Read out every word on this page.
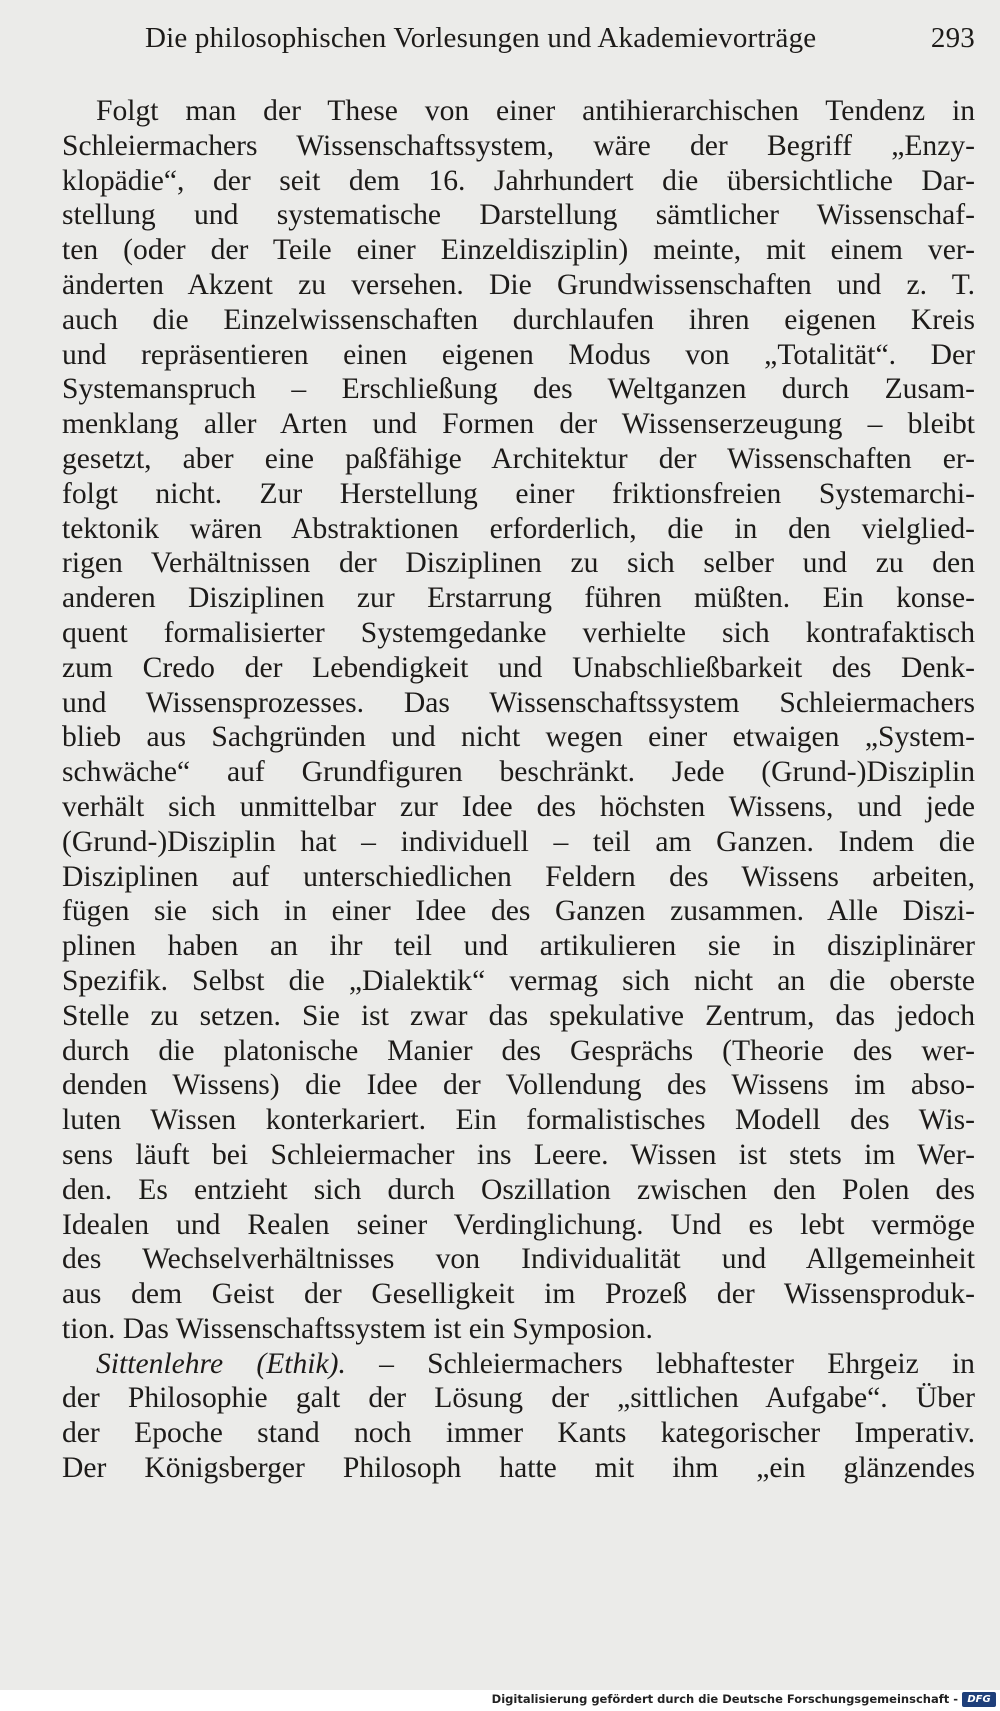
Die philosophischen Vorlesungen und Akademievorträge	293
Folgt man der These von einer antihierarchischen Tendenz in
Schleiermachers Wissenschaftssystem, wäre der Begriff „Enzy-
klopädie“, der seit dem 16. Jahrhundert die übersichtliche Dar-
stellung und systematische Darstellung sämtlicher Wissenschaf-
ten (oder der Teile einer Einzeldisziplin) meinte, mit einem ver-
änderten Akzent zu versehen. Die Grundwissenschaften und z. T.
auch die Einzelwissenschaften durchlaufen ihren eigenen Kreis
und repräsentieren einen eigenen Modus von „Totalität“. Der
Systemanspruch – Erschließung des Weltganzen durch Zusam-
menklang aller Arten und Formen der Wissenserzeugung – bleibt
gesetzt, aber eine paßfähige Architektur der Wissenschaften er-
folgt nicht. Zur Herstellung einer friktionsfreien Systemarchi-
tektonik wären Abstraktionen erforderlich, die in den vielglied-
rigen Verhältnissen der Disziplinen zu sich selber und zu den
anderen Disziplinen zur Erstarrung führen müßten. Ein konse-
quent formalisierter Systemgedanke verhielte sich kontrafaktisch
zum Credo der Lebendigkeit und Unabschließbarkeit des Denk-
und Wissensprozesses. Das Wissenschaftssystem Schleiermachers
blieb aus Sachgründen und nicht wegen einer etwaigen „System-
schwäche“ auf Grundfiguren beschränkt. Jede (Grund-)Disziplin
verhält sich unmittelbar zur Idee des höchsten Wissens, und jede
(Grund-)Disziplin hat – individuell – teil am Ganzen. Indem die
Disziplinen auf unterschiedlichen Feldern des Wissens arbeiten,
fügen sie sich in einer Idee des Ganzen zusammen. Alle Diszi-
plinen haben an ihr teil und artikulieren sie in disziplinärer
Spezifik. Selbst die „Dialektik“ vermag sich nicht an die oberste
Stelle zu setzen. Sie ist zwar das spekulative Zentrum, das jedoch
durch die platonische Manier des Gesprächs (Theorie des wer-
denden Wissens) die Idee der Vollendung des Wissens im abso-
luten Wissen konterkariert. Ein formalistisches Modell des Wis-
sens läuft bei Schleiermacher ins Leere. Wissen ist stets im Wer-
den. Es entzieht sich durch Oszillation zwischen den Polen des
Idealen und Realen seiner Verdinglichung. Und es lebt vermöge
des Wechselverhältnisses von Individualität und Allgemeinheit
aus dem Geist der Geselligkeit im Prozeß der Wissensproduk-
tion. Das Wissenschaftssystem ist ein Symposion.
Sittenlehre (Ethik). – Schleiermachers lebhaftester Ehrgeiz in
der Philosophie galt der Lösung der „sittlichen Aufgabe“. Über
der Epoche stand noch immer Kants kategorischer Imperativ.
Der Königsberger Philosoph hatte mit ihm „ein glänzendes
Digitalisierung gefördert durch die Deutsche Forschungsgemeinschaft - DFG
